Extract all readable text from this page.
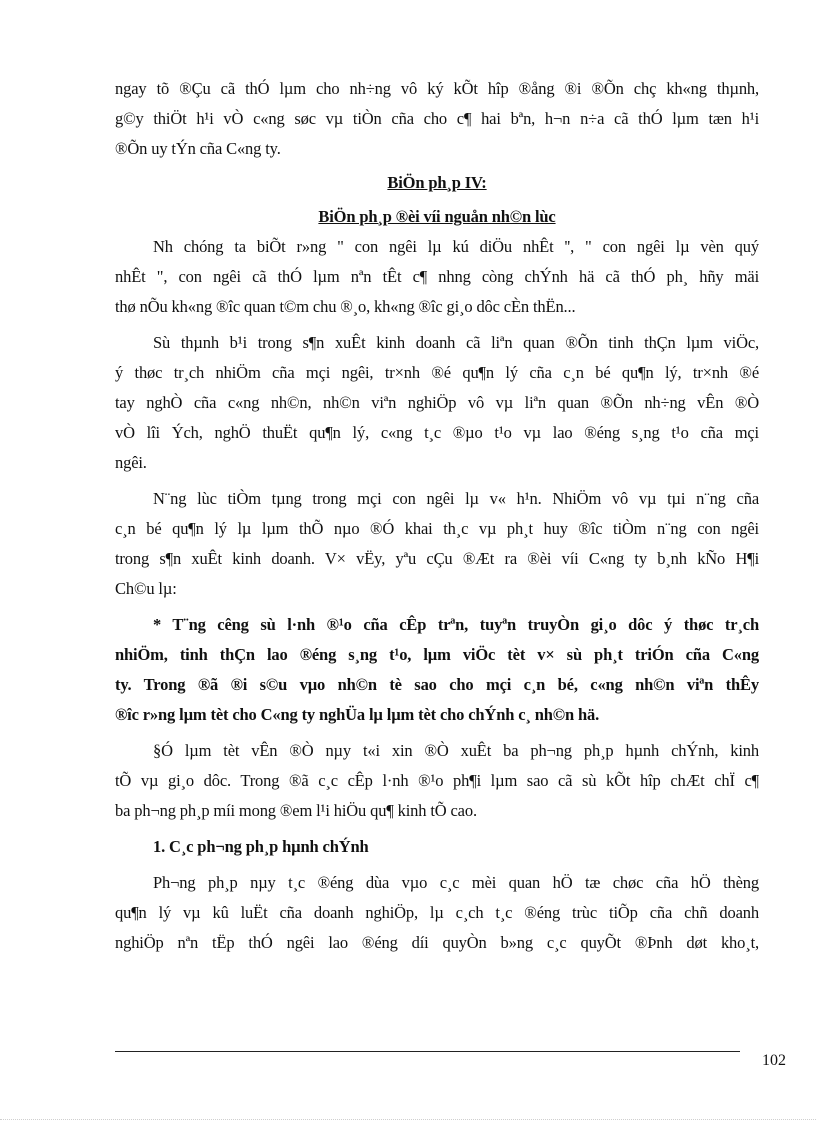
ngay tõ ®Çu cã thÓ lµm cho nh÷ng vô ký kÕt hîp ®ång ®i ®Õn chç kh«ng thµnh,
g©y thiÖt h¹i vÒ c«ng søc vµ tiÒn cña cho c¶ hai bªn, h¬n n÷a cã thÓ lµm tæn h¹i
®Õn uy tÝn cña C«ng ty.
BiÖn ph¸p IV:
BiÖn ph¸p ®èi víi nguån nh©n lùc
Nh chóng ta biÕt r»ng " con ngêi lµ kú diÖu nhÊt '', " con ngêi lµ vèn quý
nhÊt ", con ngêi cã thÓ lµm nªn tÊt c¶ nhng còng chÝnh hä cã thÓ ph¸ hñy mäi
thø nÕu kh«ng ®îc quan t©m chu ®¸o, kh«ng ®îc gi¸o dôc cÈn thËn...
Sù thµnh b¹i trong s¶n xuÊt kinh doanh cã liªn quan ®Õn tinh thÇn lµm viÖc,
ý thøc tr¸ch nhiÖm cña mçi ngêi, tr×nh ®é qu¶n lý cña c¸n bé qu¶n lý, tr×nh ®é
tay nghÒ cña c«ng nh©n, nh©n viªn nghiÖp vô vµ liªn quan ®Õn nh÷ng vÊn ®Ò
vÒ lîi Ých, nghÖ thuËt qu¶n lý, c«ng t¸c ®µo t¹o vµ lao ®éng s¸ng t¹o cña mçi
ngêi.
N¨ng lùc tiÒm tµng trong mçi con ngêi lµ v« h¹n. NhiÖm vô vµ tµi n¨ng cña
c¸n bé qu¶n lý lµ lµm thÕ nµo ®Ó khai th¸c vµ ph¸t huy ®îc tiÒm n¨ng con ngêi
trong s¶n xuÊt kinh doanh. V× vËy, yªu cÇu ®Æt ra ®èi víi C«ng ty b¸nh kÑo H¶i
Ch©u lµ:
* T¨ng cêng sù l·nh ®¹o cña cÊp trªn, tuyªn truyÒn gi¸o dôc ý thøc tr¸ch
nhiÖm, tinh thÇn lao ®éng s¸ng t¹o, lµm viÖc tèt v× sù ph¸t triÓn cña C«ng
ty. Trong ®ã ®i s©u vµo nh©n tè sao cho mçi c¸n bé, c«ng nh©n viªn thÊy
®îc r»ng lµm tèt cho C«ng ty nghÜa lµ lµm tèt cho chÝnh c¸ nh©n hä.
§Ó lµm tèt vÊn ®Ò nµy t«i xin ®Ò xuÊt ba ph¬ng ph¸p hµnh chÝnh, kinh
tÕ vµ gi¸o dôc. Trong ®ã c¸c cÊp l·nh ®¹o ph¶i lµm sao cã sù kÕt hîp chÆt chÏ c¶
ba ph¬ng ph¸p míi mong ®em l¹i hiÖu qu¶ kinh tÕ cao.
1. C¸c ph¬ng ph¸p hµnh chÝnh
Ph¬ng ph¸p nµy t¸c ®éng dùa vµo c¸c mèi quan hÖ tæ chøc cña hÖ thèng
qu¶n lý vµ kû luËt cña doanh nghiÖp, lµ c¸ch t¸c ®éng trùc tiÕp cña chñ doanh
nghiÖp nªn tËp thÓ ngêi lao ®éng díi quyÒn b»ng c¸c quyÕt ®Þnh døt kho¸t,
102
